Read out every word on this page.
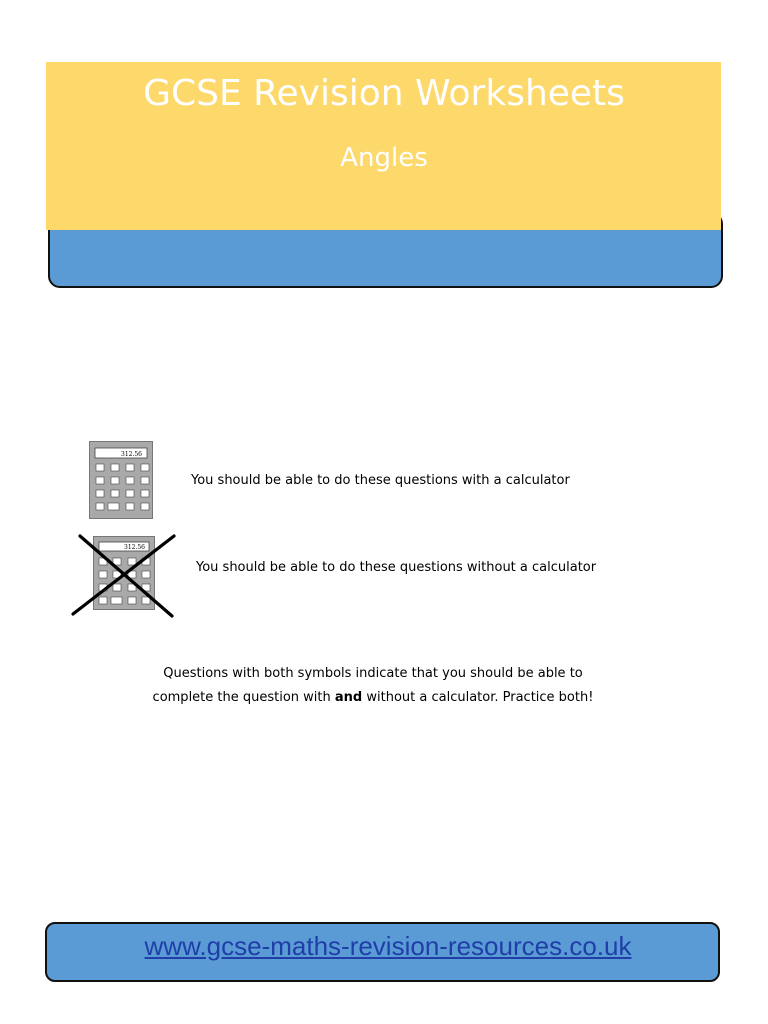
GCSE Revision Worksheets
Angles
312.56
You should be able to do these questions with a calculator
312.56
You should be able to do these questions without a calculator
Questions with both symbols indicate that you should be able to
complete the question with and without a calculator. Practice both!
www.gcse-maths-revision-resources.co.uk
